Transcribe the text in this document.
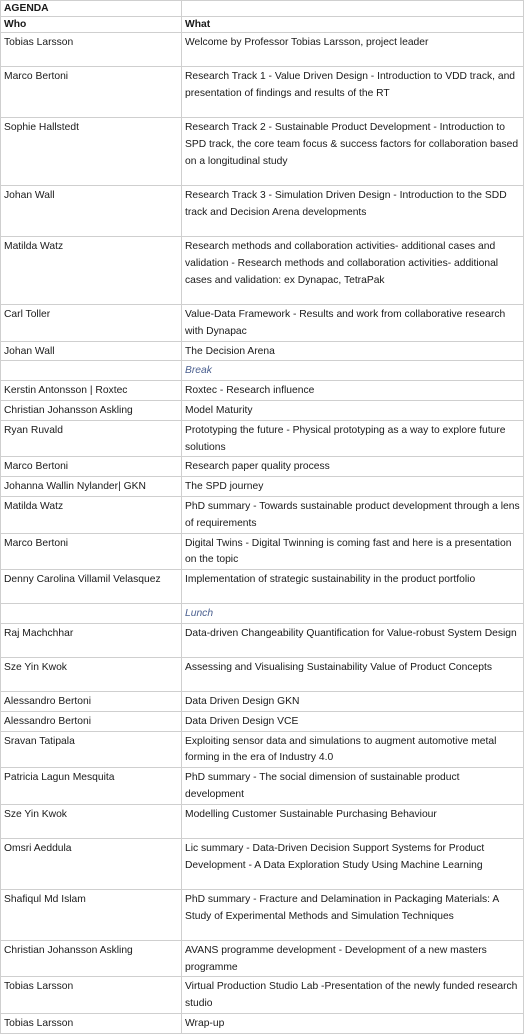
AGENDA	
Who	What
Tobias Larsson	Welcome by Professor Tobias Larsson, project leader
Marco Bertoni	Research Track 1 - Value Driven Design - Introduction to VDD track, and presentation of findings and results of the RT
Sophie Hallstedt	Research Track 2 - Sustainable Product Development - Introduction to SPD track, the core team focus & success factors for collaboration based on a longitudinal study
Johan Wall	Research Track 3 - Simulation Driven Design - Introduction to the SDD track and Decision Arena developments
Matilda Watz	Research methods and collaboration activities- additional cases and validation - Research methods and collaboration activities- additional cases and validation: ex Dynapac, TetraPak
Carl Toller	Value-Data Framework - Results and work from collaborative research with Dynapac
Johan Wall	The Decision Arena
	Break
Kerstin Antonsson | Roxtec	Roxtec - Research influence
Christian Johansson Askling	Model Maturity
Ryan Ruvald	Prototyping the future - Physical prototyping as a way to explore future solutions
Marco Bertoni	Research paper quality process
Johanna Wallin Nylander| GKN	The SPD journey
Matilda Watz	PhD summary - Towards sustainable product development through a lens of requirements
Marco Bertoni	Digital Twins - Digital Twinning is coming fast and here is a presentation on the topic
Denny Carolina Villamil Velasquez	Implementation of strategic sustainability in the product portfolio
	Lunch
Raj Machchhar	Data-driven Changeability Quantification for Value-robust System Design
Sze Yin Kwok	Assessing and Visualising Sustainability Value of Product Concepts
Alessandro Bertoni	Data Driven Design GKN
Alessandro Bertoni	Data Driven Design VCE
Sravan Tatipala	Exploiting sensor data and simulations to augment automotive metal forming in the era of Industry 4.0
Patricia Lagun Mesquita	PhD summary - The social dimension of sustainable product development
Sze Yin Kwok	Modelling Customer Sustainable Purchasing Behaviour
Omsri Aeddula	Lic summary - Data-Driven Decision Support Systems for Product Development - A Data Exploration Study Using Machine Learning
Shafiqul Md Islam	PhD summary - Fracture and Delamination in Packaging Materials: A Study of Experimental Methods and Simulation Techniques
Christian Johansson Askling	AVANS programme development - Development of a new masters programme
Tobias Larsson	Virtual Production Studio Lab -Presentation of the newly funded research studio
Tobias Larsson	Wrap-up
